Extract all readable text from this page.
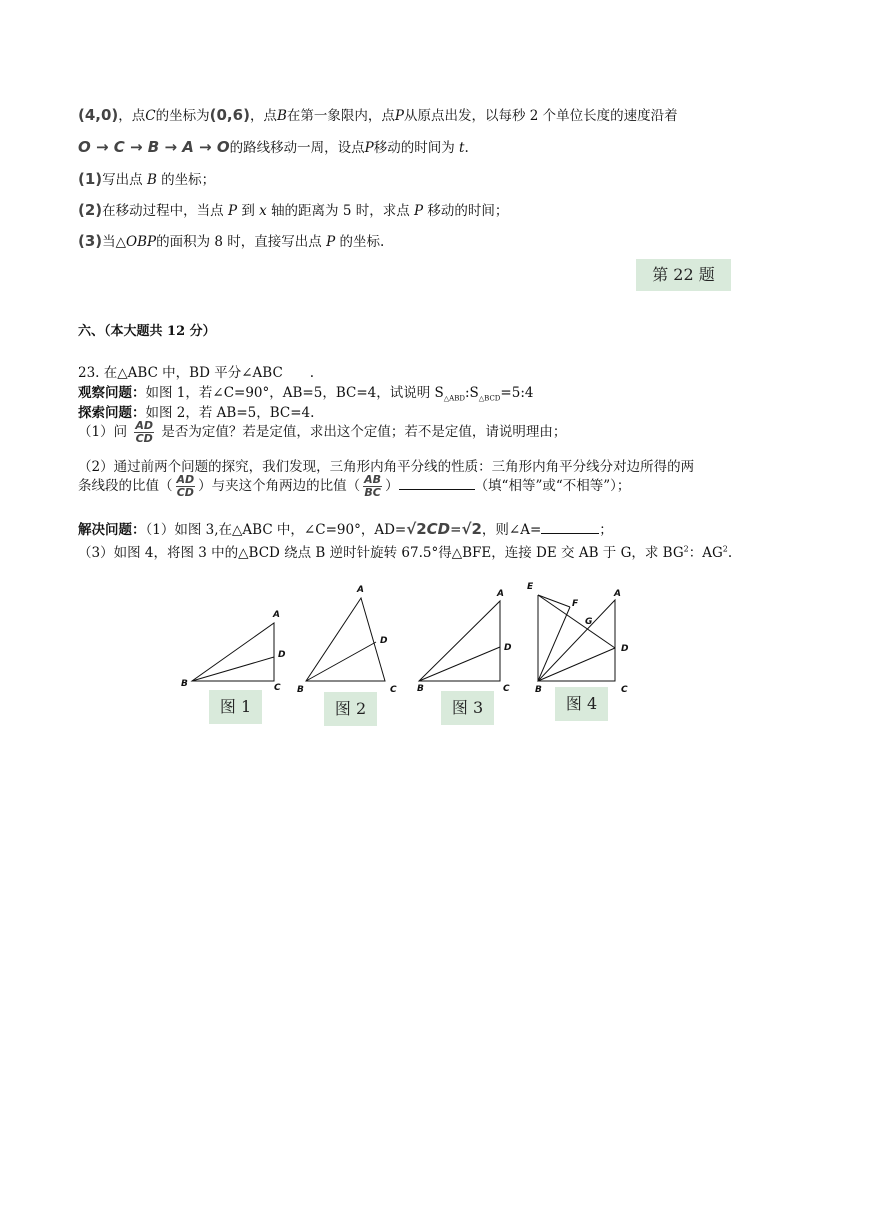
(4,0)，点C的坐标为(0,6)，点B在第一象限内，点P从原点出发，以每秒 2 个单位长度的速度沿着
O → C → B → A → O的路线移动一周，设点P移动的时间为 t.
(1)写出点 B 的坐标；
(2)在移动过程中，当点 P 到 x 轴的距离为 5 时，求点 P 移动的时间；
(3)当△OBP的面积为 8 时，直接写出点 P 的坐标.
第 22 题
六、（本大题共 12 分）
23. 在△ABC 中，BD 平分∠ABC　　.
观察问题：如图 1，若∠C=90°，AB=5，BC=4，试说明 $S_{\triangle ABD}:S_{\triangle BCD}=5:4$
探索问题：如图 2，若 AB=5，BC=4.
（1）问 $\frac{AD}{CD}$ 是否为定值？若是定值，求出这个定值；若不是定值，请说明理由；
（2）通过前两个问题的探究，我们发现，三角形内角平分线的性质：三角形内角平分线分对边所得的两
条线段的比值（ $\frac{AD}{CD}$ ）与夹这个角两边的比值（ $\frac{AB}{BC}$ ）	（填“相等”或“不相等”）；
解决问题：（1）如图 3,在△ABC 中，∠C=90°，AD=√2CD=√2，则∠A=	；
（3）如图 4，将图 3 中的△BCD 绕点 B 逆时针旋转 67.5°得△BFE，连接 DE 交 AB 于 G，求 $BG^2$：$AG^2$.
A
D
B	C
A
D
B	C
A
D
B	C
E
F
A
G
D
B	C
图 1	图 2	图 3	图 4
